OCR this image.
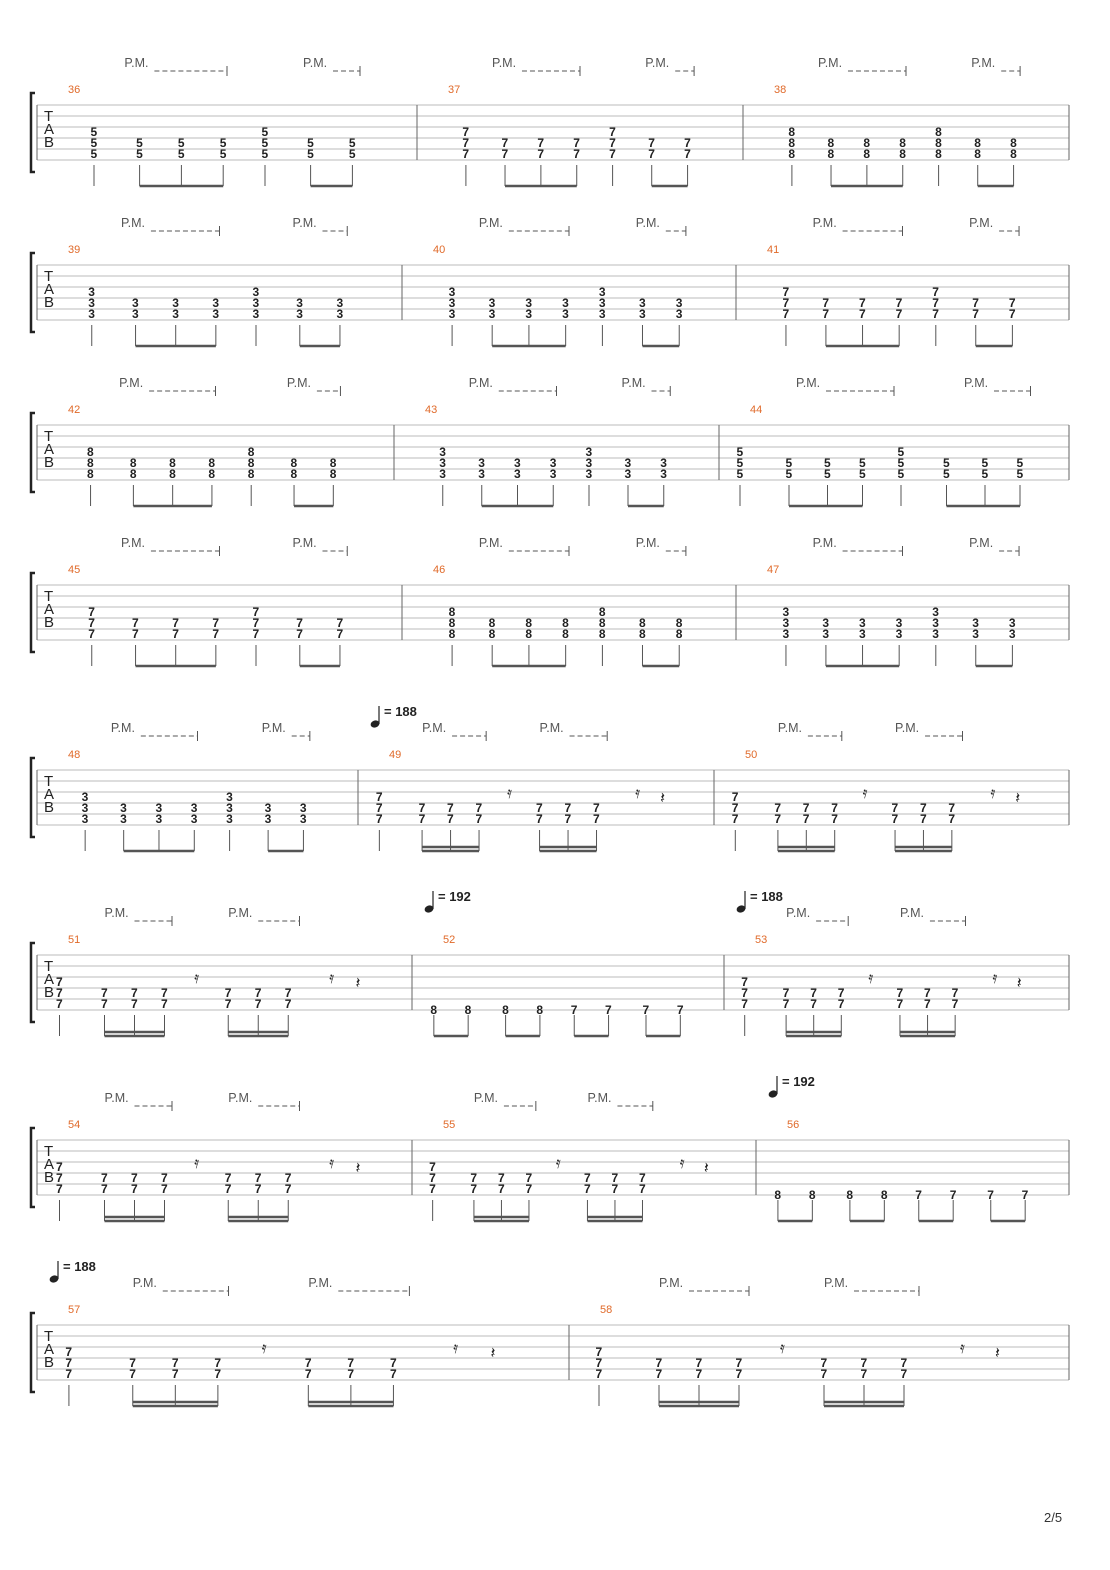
T
A
B
36
P.M.	P.M.
5
5
5
5
5
5
5
5
5
5
5
5
5
5
5
5
37
P.M.	P.M.
7
7
7
7
7
7
7
7
7
7
7
7
7
7
7
7
38
P.M.	P.M.
8
8
8
8
8
8
8
8
8
8
8
8
8
8
8
8
T
A
B
39
P.M.	P.M.
3
3
3
3
3
3
3
3
3
3
3
3
3
3
3
3
40
P.M.	P.M.
3
3
3
3
3
3
3
3
3
3
3
3
3
3
3
3
41
P.M.	P.M.
7
7
7
7
7
7
7
7
7
7
7
7
7
7
7
7
T
A
B
42
P.M.	P.M.
8
8
8
8
8
8
8
8
8
8
8
8
8
8
8
8
43
P.M.	P.M.
3
3
3
3
3
3
3
3
3
3
3
3
3
3
3
3
44
P.M.	P.M.
5
5
5
5
5
5
5
5
5
5
5
5
5
5
5
5
5
5
T
A
B
45
P.M.	P.M.
7
7
7
7
7
7
7
7
7
7
7
7
7
7
7
7
46
P.M.	P.M.
8
8
8
8
8
8
8
8
8
8
8
8
8
8
8
8
47
P.M.	P.M.
3
3
3
3
3
3
3
3
3
3
3
3
3
3
3
3
T
A
B
48
P.M.	P.M.
3
3
3
3
3
3
3
3
3
3
3
3
3
3
3
3
49
= 188
P.M.	P.M.
7
7
7
7
7
7
7
7
7
7
7
7
7
7
7
𝄿	𝄿 𝄽
50
P.M.	P.M.
7
7
7
7
7
7
7
7
7
7
7
7
7
7
7
𝄿	𝄿 𝄽
T
A
B
51
P.M.	P.M.
7
7
7
7
7
7
7
7
7
7
7
7
7
7
7
𝄿	𝄿 𝄽
52
= 192
8 8	8 8 7 7	7 7
53
= 188
P.M.	P.M.
7
7
7
7
7
7
7
7
7
7
7
7
7
7
7
𝄿	𝄿 𝄽
T
A
B
54
P.M.	P.M.
7
7
7
7
7
7
7
7
7
7
7
7
7
7
7
𝄿	𝄿 𝄽
55
P.M.	P.M.
7
7
7
7
7
7
7
7
7
7
7
7
7
7
7
𝄿	𝄿 𝄽
56
= 192
8 8	8 8 7 7	7 7
T
A
B
57
= 188
P.M.	P.M.
7
7
7
7
7
7
7
7
7
7
7
7
7
7
7
𝄿	𝄿 𝄽
58
P.M.	P.M.
7
7
7
7
7
7
7
7
7
7
7
7
7
7
7
𝄿	𝄿 𝄽
2/5
